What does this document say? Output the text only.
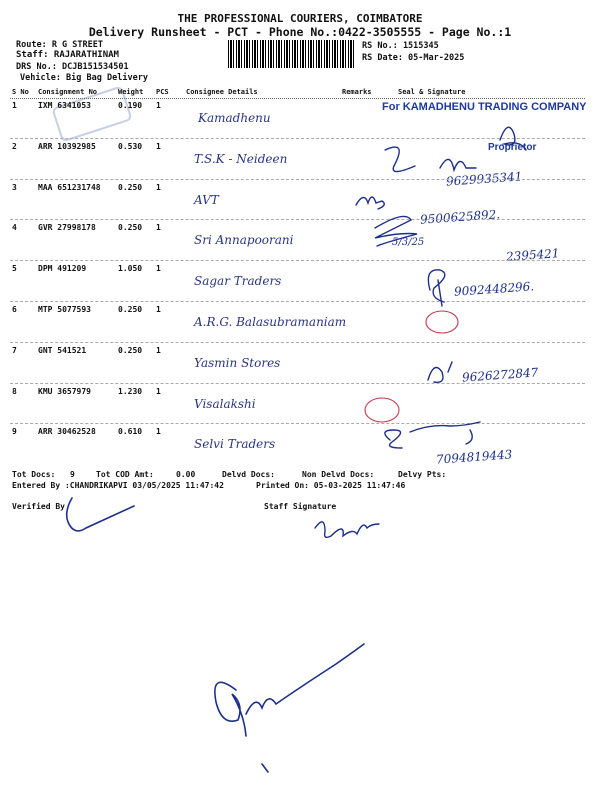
THE PROFESSIONAL COURIERS, COIMBATORE
Delivery Runsheet - PCT - Phone No.:0422-3505555 - Page No.:1
Route: R G STREET
Staff: RAJARATHINAM
DRS No.: DCJB151534501
Vehicle: Big Bag Delivery
RS No.: 1515345
RS Date: 05-Mar-2025
S No Consignment No	Weight PCS Consignee Details	Remarks	Seal & Signature
1	IXM 6341053	0.190 1
Kamadhenu
2	ARR 10392985	0.530 1
T.S.K - Neideen
9629935341
3	MAA 651231748 0.250 1
AVT
9500625892.
4	GVR 27998178	0.250 1
Sri Annapoorani
2395421
5	DPM 491209	1.050 1
Sagar Traders	9092448296.
6	MTP 5077593	0.250 1
A.R.G. Balasubramaniam
7	GNT 541521	0.250 1
Yasmin Stores
9626272847
8	KMU 3657979	1.230 1
Visalakshi
9	ARR 30462528	0.610 1
Selvi Traders
7094819443
For KAMADHENU TRADING COMPANY
Proprietor
5/3/25
Tot Docs: 9	Tot COD Amt:	0.00	Delvd Docs:	Non Delvd Docs:	Delvy Pts:
Entered By :CHANDRIKAPVI 03/05/2025 11:47:42	Printed On: 05-03-2025 11:47:46
Verified By	Staff Signature
